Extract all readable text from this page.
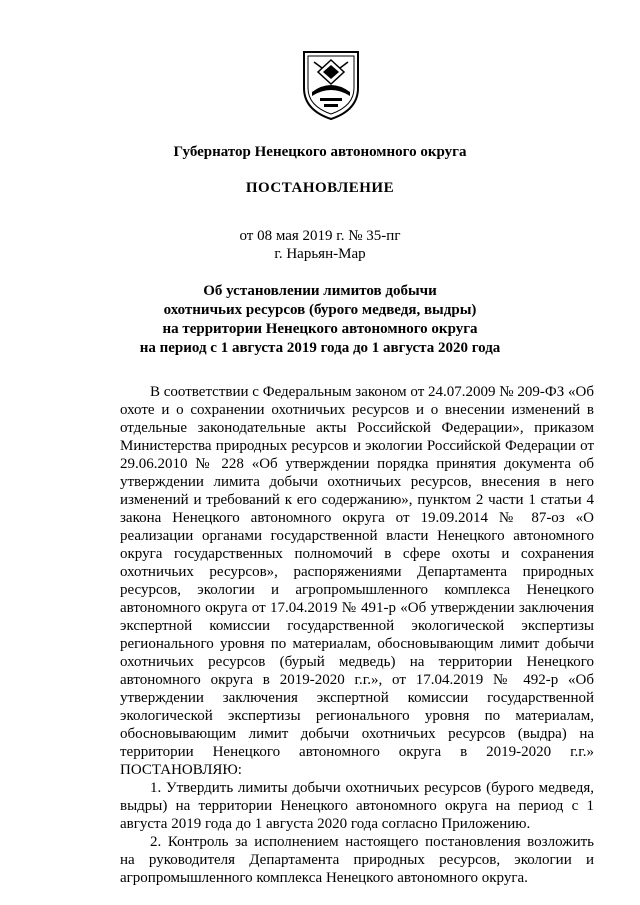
Губернатор Ненецкого автономного округа
ПОСТАНОВЛЕНИЕ
от 08 мая 2019 г. № 35-пг
г. Нарьян-Мар
Об установлении лимитов добычи
охотничьих ресурсов (бурого медведя, выдры)
на территории Ненецкого автономного округа
на период с 1 августа 2019 года до 1 августа 2020 года

В соответствии с Федеральным законом от 24.07.2009 № 209-ФЗ «Об охоте и о сохранении охотничьих ресурсов и о внесении изменений в отдельные законодательные акты Российской Федерации», приказом Министерства природных ресурсов и экологии Российской Федерации от 29.06.2010 № 228 «Об утверждении порядка принятия документа об утверждении лимита добычи охотничьих ресурсов, внесения в него изменений и требований к его содержанию», пунктом 2 части 1 статьи 4 закона Ненецкого автономного округа от 19.09.2014 № 87-оз «О реализации органами государственной власти Ненецкого автономного округа государственных полномочий в сфере охоты и сохранения охотничьих ресурсов», распоряжениями Департамента природных ресурсов, экологии и агропромышленного комплекса Ненецкого автономного округа от 17.04.2019 № 491-р «Об утверждении заключения экспертной комиссии государственной экологической экспертизы регионального уровня по материалам, обосновывающим лимит добычи охотничьих ресурсов (бурый медведь) на территории Ненецкого автономного округа в 2019-2020 г.г.», от 17.04.2019 № 492-р «Об утверждении заключения экспертной комиссии государственной экологической экспертизы регионального уровня по материалам, обосновывающим лимит добычи охотничьих ресурсов (выдра) на территории Ненецкого автономного округа в 2019-2020 г.г.» ПОСТАНОВЛЯЮ:

1. Утвердить лимиты добычи охотничьих ресурсов (бурого медведя, выдры) на территории Ненецкого автономного округа на период с 1 августа 2019 года до 1 августа 2020 года согласно Приложению.

2. Контроль за исполнением настоящего постановления возложить на руководителя Департамента природных ресурсов, экологии и агропромышленного комплекса Ненецкого автономного округа.
